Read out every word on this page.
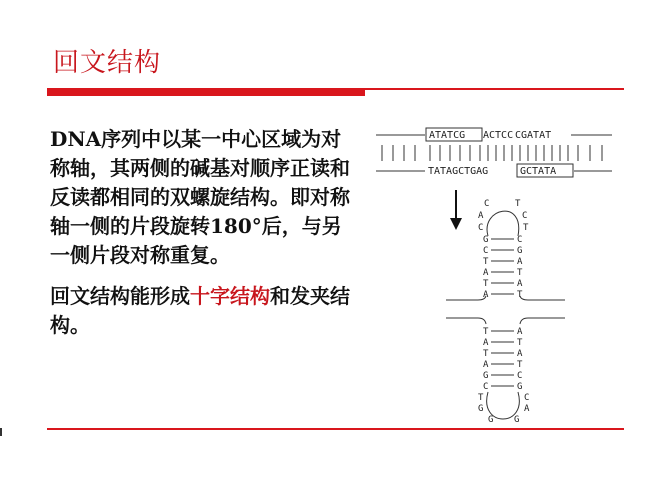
回文结构

DNA序列中以某一中心区域为对称轴，其两侧的碱基对顺序正读和反读都相同的双螺旋结构。即对称轴一侧的片段旋转180°后，与另一侧片段对称重复。

回文结构能形成十字结构和发夹结构。

ATATCG ACTCC CGATAT
TATAGCTGAG	GCTATA
C	T
A	C
C	T
G	C
C	G
T	A
A	T
T	A
A	T
T	A
A	T
T	A
A	T
G	C
C	G
T	C
G	A
G G
